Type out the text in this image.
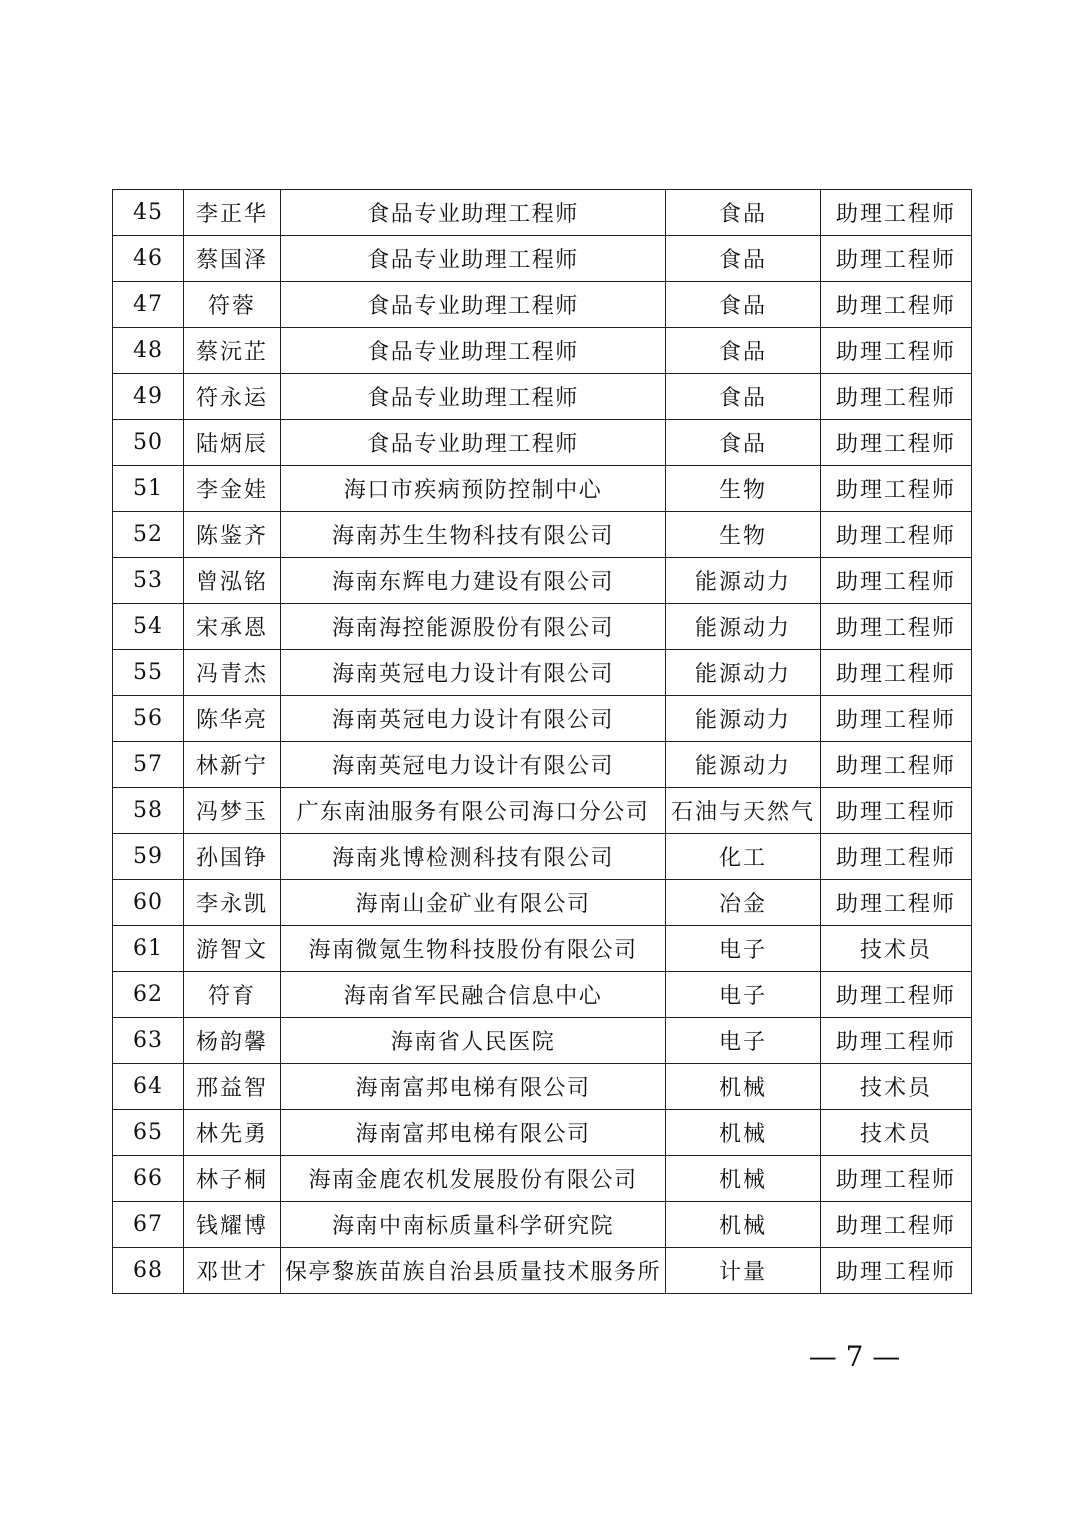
45	李正华	食品专业助理工程师	食品	助理工程师
46	蔡国泽	食品专业助理工程师	食品	助理工程师
47	符蓉	食品专业助理工程师	食品	助理工程师
48	蔡沅芷	食品专业助理工程师	食品	助理工程师
49	符永运	食品专业助理工程师	食品	助理工程师
50	陆炳辰	食品专业助理工程师	食品	助理工程师
51	李金娃	海口市疾病预防控制中心	生物	助理工程师
52	陈鉴齐	海南苏生生物科技有限公司	生物	助理工程师
53	曾泓铭	海南东辉电力建设有限公司	能源动力	助理工程师
54	宋承恩	海南海控能源股份有限公司	能源动力	助理工程师
55	冯青杰	海南英冠电力设计有限公司	能源动力	助理工程师
56	陈华亮	海南英冠电力设计有限公司	能源动力	助理工程师
57	林新宁	海南英冠电力设计有限公司	能源动力	助理工程师
58	冯梦玉	广东南油服务有限公司海口分公司	石油与天然气	助理工程师
59	孙国铮	海南兆博检测科技有限公司	化工	助理工程师
60	李永凯	海南山金矿业有限公司	冶金	助理工程师
61	游智文	海南微氪生物科技股份有限公司	电子	技术员
62	符育	海南省军民融合信息中心	电子	助理工程师
63	杨韵馨	海南省人民医院	电子	助理工程师
64	邢益智	海南富邦电梯有限公司	机械	技术员
65	林先勇	海南富邦电梯有限公司	机械	技术员
66	林子桐	海南金鹿农机发展股份有限公司	机械	助理工程师
67	钱耀博	海南中南标质量科学研究院	机械	助理工程师
68	邓世才	保亭黎族苗族自治县质量技术服务所	计量	助理工程师
— 7 —
